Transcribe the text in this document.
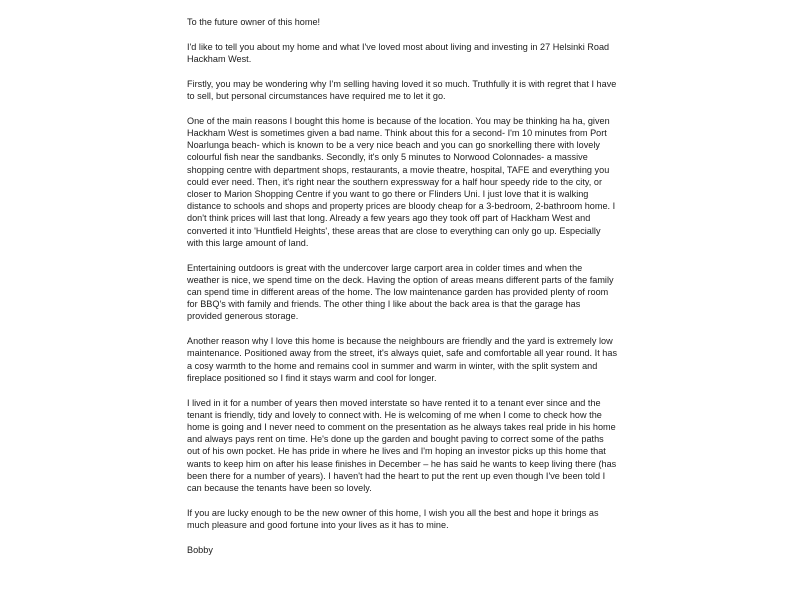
To the future owner of this home!

I'd like to tell you about my home and what I've loved most about living and investing in 27 Helsinki Road Hackham West.

Firstly, you may be wondering why I'm selling having loved it so much. Truthfully it is with regret that I have to sell, but personal circumstances have required me to let it go.

One of the main reasons I bought this home is because of the location. You may be thinking ha ha, given Hackham West is sometimes given a bad name. Think about this for a second- I'm 10 minutes from Port Noarlunga beach- which is known to be a very nice beach and you can go snorkelling there with lovely colourful fish near the sandbanks. Secondly, it's only 5 minutes to Norwood Colonnades- a massive shopping centre with department shops, restaurants, a movie theatre, hospital, TAFE and everything you could ever need. Then, it's right near the southern expressway for a half hour speedy ride to the city, or closer to Marion Shopping Centre if you want to go there or Flinders Uni. I just love that it is walking distance to schools and shops and property prices are bloody cheap for a 3-bedroom, 2-bathroom home. I don't think prices will last that long. Already a few years ago they took off part of Hackham West and converted it into 'Huntfield Heights', these areas that are close to everything can only go up. Especially with this large amount of land.

Entertaining outdoors is great with the undercover large carport area in colder times and when the weather is nice, we spend time on the deck. Having the option of areas means different parts of the family can spend time in different areas of the home. The low maintenance garden has provided plenty of room for BBQ's with family and friends. The other thing I like about the back area is that the garage has provided generous storage.

Another reason why I love this home is because the neighbours are friendly and the yard is extremely low maintenance. Positioned away from the street, it's always quiet, safe and comfortable all year round. It has a cosy warmth to the home and remains cool in summer and warm in winter, with the split system and fireplace positioned so I find it stays warm and cool for longer.

I lived in it for a number of years then moved interstate so have rented it to a tenant ever since and the tenant is friendly, tidy and lovely to connect with. He is welcoming of me when I come to check how the home is going and I never need to comment on the presentation as he always takes real pride in his home and always pays rent on time. He's done up the garden and bought paving to correct some of the paths out of his own pocket. He has pride in where he lives and I'm hoping an investor picks up this home that wants to keep him on after his lease finishes in December – he has said he wants to keep living there (has been there for a number of years). I haven't had the heart to put the rent up even though I've been told I can because the tenants have been so lovely.

If you are lucky enough to be the new owner of this home, I wish you all the best and hope it brings as much pleasure and good fortune into your lives as it has to mine.

Bobby
